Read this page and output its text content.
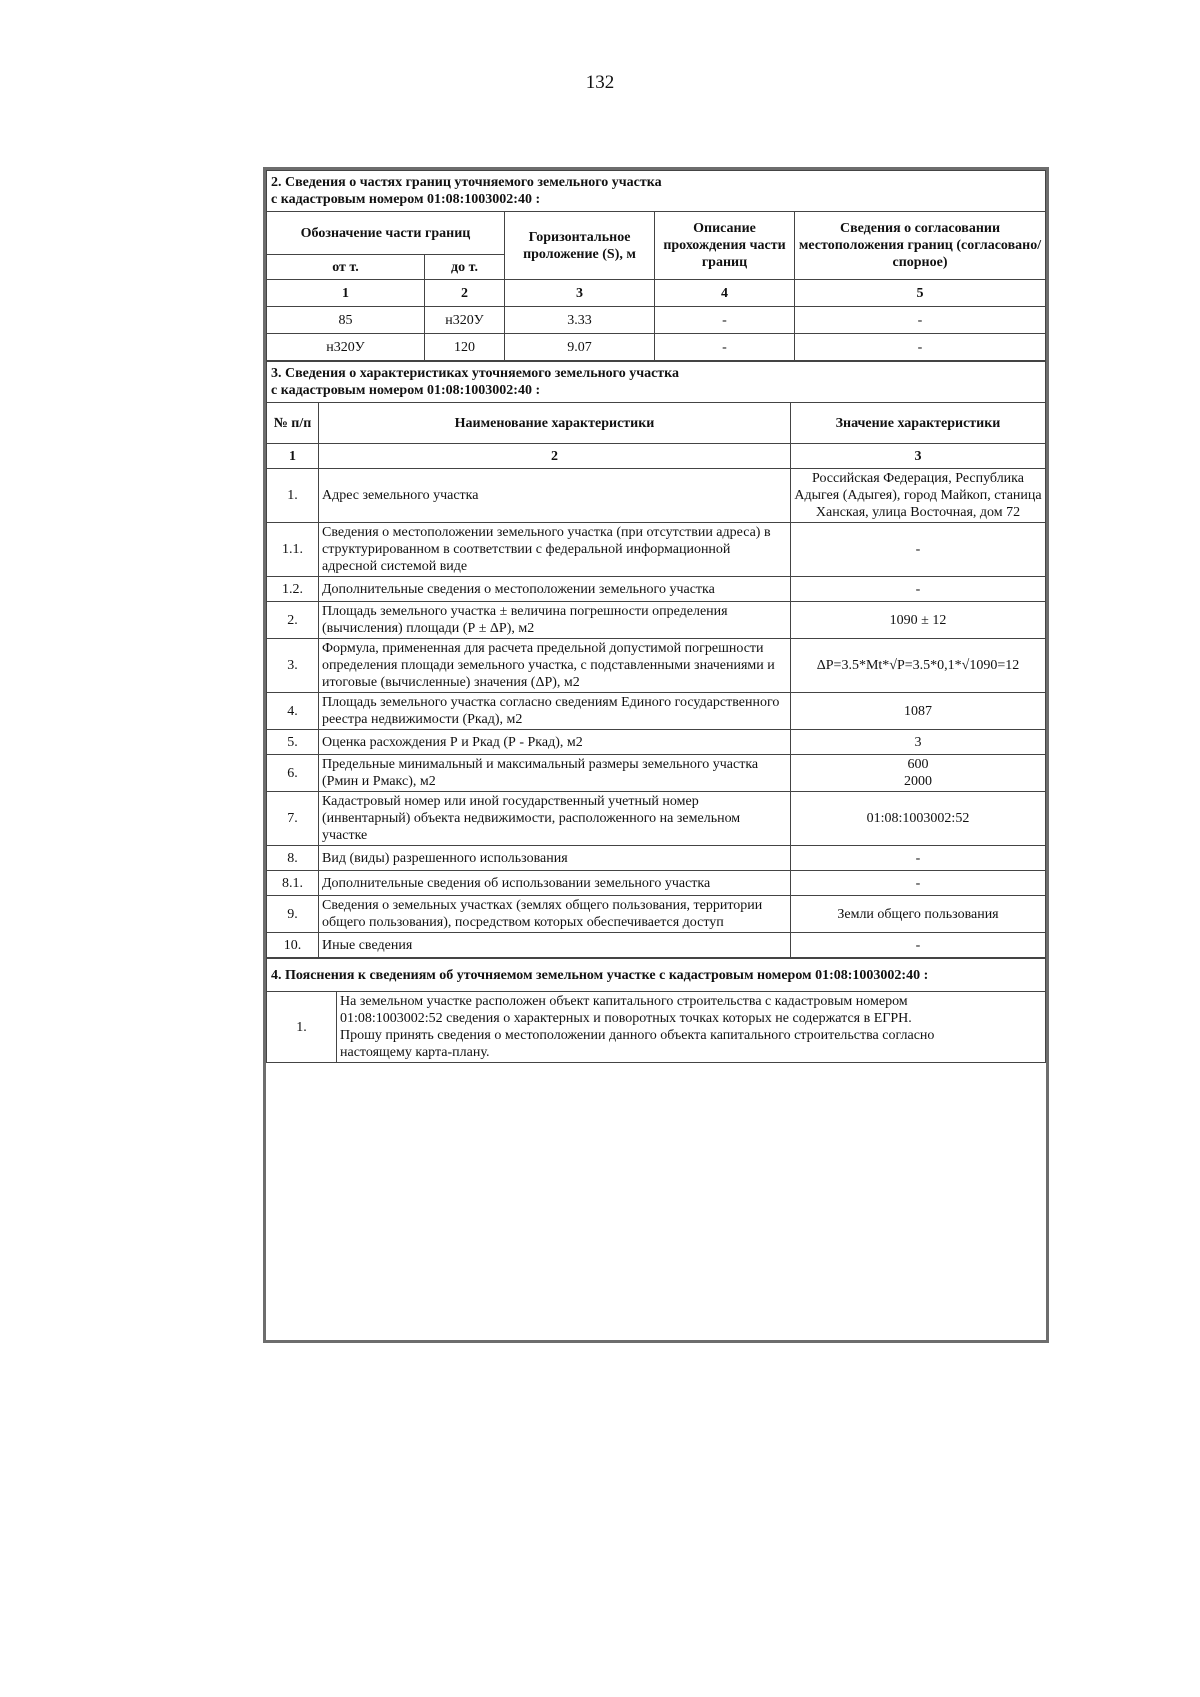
132
2. Сведения о частях границ уточняемого земельного участка
с кадастровым номером 01:08:1003002:40 :				
Обозначение части границ		Горизонтальное проложение (S), м	Описание прохождения части границ	Сведения о согласовании местоположения границ (согласовано/спорное)
от т.	до т.			
1	2	3	4	5
85	н320У	3.33	-	-
н320У	120	9.07	-	-
3. Сведения о характеристиках уточняемого земельного участка
с кадастровым номером 01:08:1003002:40 :		
№ п/п	Наименование характеристики	Значение характеристики
1	2	3
1.	Адрес земельного участка	Российская Федерация, Республика Адыгея (Адыгея), город Майкоп, станица Ханская, улица Восточная, дом 72
1.1.	Сведения о местоположении земельного участка (при отсутствии адреса) в структурированном в соответствии с федеральной информационной адресной системой виде	-
1.2.	Дополнительные сведения о местоположении земельного участка	-
2.	Площадь земельного участка ± величина погрешности определения (вычисления) площади (Р ± ΔР), м2	1090 ± 12
3.	Формула, примененная для расчета предельной допустимой погрешности определения площади земельного участка, с подставленными значениями и итоговые (вычисленные) значения (ΔР), м2	ΔP=3.5*Mt*√P=3.5*0,1*√1090=12
4.	Площадь земельного участка согласно сведениям Единого государственного реестра недвижимости (Ркад), м2	1087
5.	Оценка расхождения Р и Ркад (Р - Ркад), м2	3
6.	Предельные минимальный и максимальный размеры земельного участка (Рмин и Рмакс), м2	600
2000
7.	Кадастровый номер или иной государственный учетный номер (инвентарный) объекта недвижимости, расположенного на земельном участке	01:08:1003002:52
8.	Вид (виды) разрешенного использования	-
8.1.	Дополнительные сведения об использовании земельного участка	-
9.	Сведения о земельных участках (землях общего пользования, территории общего пользования), посредством которых обеспечивается доступ	Земли общего пользования
10.	Иные сведения	-
4. Пояснения к сведениям об уточняемом земельном участке с кадастровым номером 01:08:1003002:40 :
1.	На земельном участке расположен объект капитального строительства с кадастровым номером
01:08:1003002:52 сведения о характерных и поворотных точках которых не содержатся в ЕГРН.
Прошу принять сведения о местоположении данного объекта капитального строительства согласно
настоящему карта-плану.
